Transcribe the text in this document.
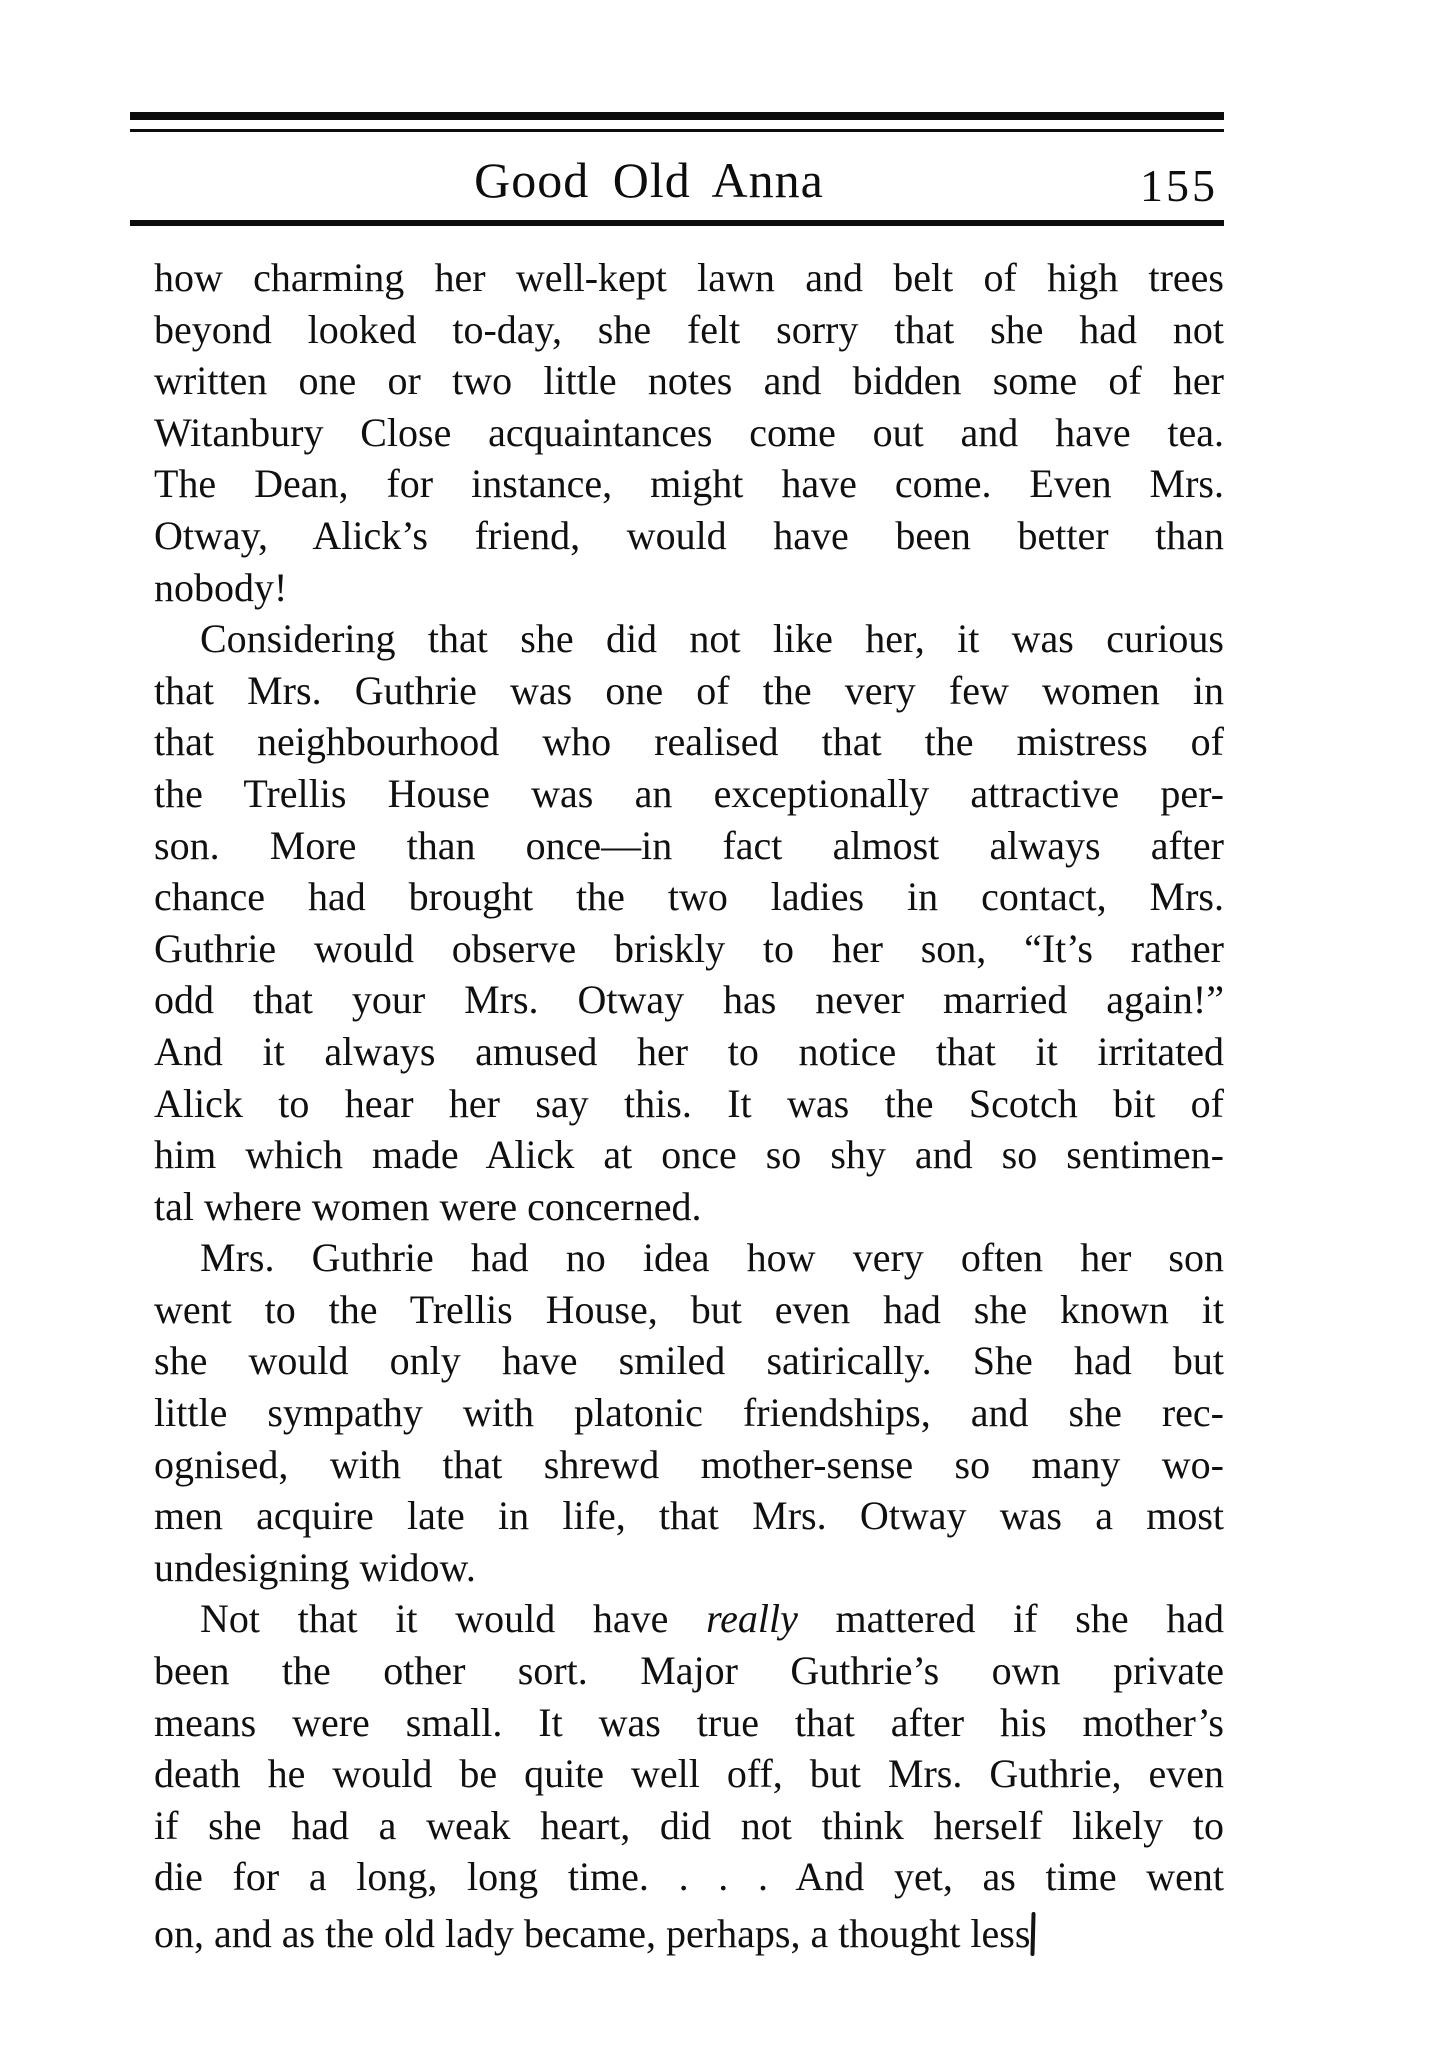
Good Old Anna	155
how charming her well-kept lawn and belt of high trees
beyond looked to-day, she felt sorry that she had not
written one or two little notes and bidden some of her
Witanbury Close acquaintances come out and have tea.
The Dean, for instance, might have come. Even Mrs.
Otway, Alick’s friend, would have been better than
nobody!
Considering that she did not like her, it was curious
that Mrs. Guthrie was one of the very few women in
that neighbourhood who realised that the mistress of
the Trellis House was an exceptionally attractive per-
son. More than once—in fact almost always after
chance had brought the two ladies in contact, Mrs.
Guthrie would observe briskly to her son, “It’s rather
odd that your Mrs. Otway has never married again!”
And it always amused her to notice that it irritated
Alick to hear her say this. It was the Scotch bit of
him which made Alick at once so shy and so sentimen-
tal where women were concerned.
Mrs. Guthrie had no idea how very often her son
went to the Trellis House, but even had she known it
she would only have smiled satirically. She had but
little sympathy with platonic friendships, and she rec-
ognised, with that shrewd mother-sense so many wo-
men acquire late in life, that Mrs. Otway was a most
undesigning widow.
Not that it would have really mattered if she had
been the other sort. Major Guthrie’s own private
means were small. It was true that after his mother’s
death he would be quite well off, but Mrs. Guthrie, even
if she had a weak heart, did not think herself likely to
die for a long, long time. . . . And yet, as time went
on, and as the old lady became, perhaps, a thought less
